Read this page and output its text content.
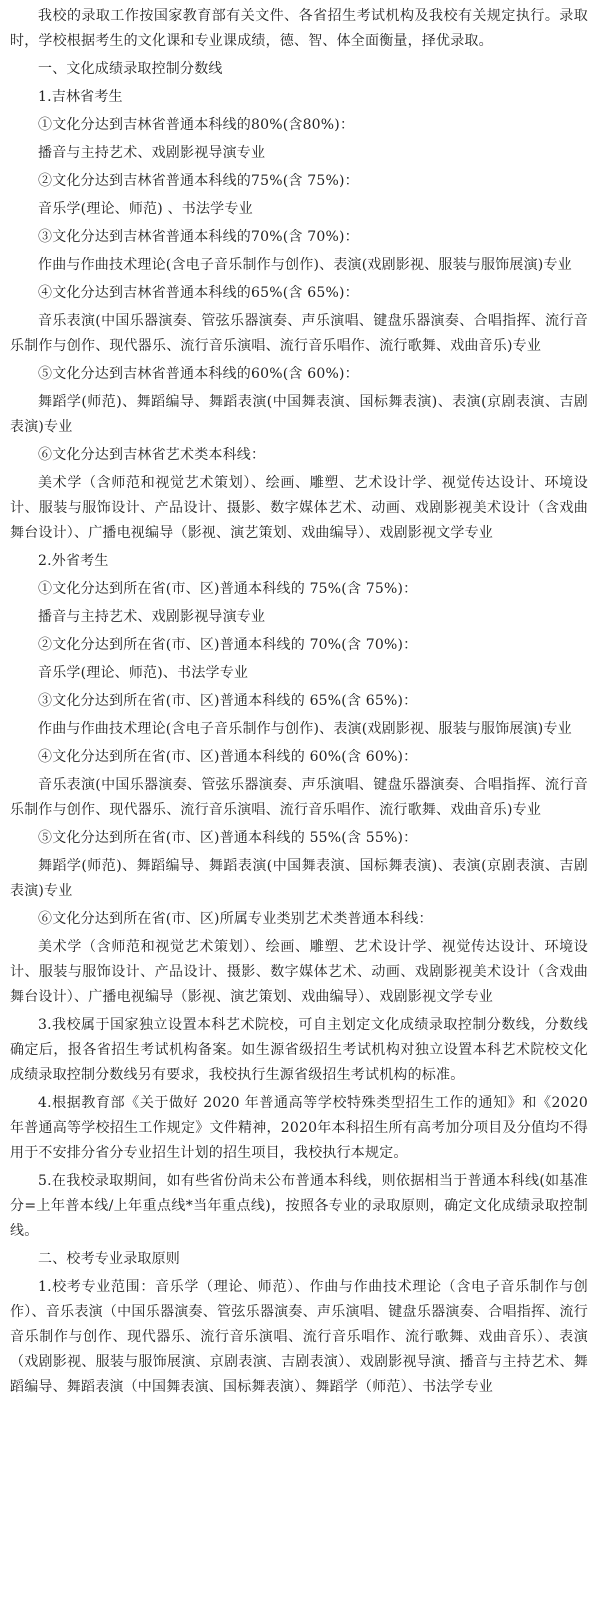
我校的录取工作按国家教育部有关文件、各省招生考试机构及我校有关规定执行。录取时，学校根据考生的文化课和专业课成绩，德、智、体全面衡量，择优录取。

一、文化成绩录取控制分数线

1.吉林省考生

①文化分达到吉林省普通本科线的80%(含80%)：

播音与主持艺术、戏剧影视导演专业

②文化分达到吉林省普通本科线的75%(含 75%)：

音乐学(理论、师范) 、书法学专业

③文化分达到吉林省普通本科线的70%(含 70%)：

作曲与作曲技术理论(含电子音乐制作与创作)、表演(戏剧影视、服装与服饰展演)专业

④文化分达到吉林省普通本科线的65%(含 65%)：

音乐表演(中国乐器演奏、管弦乐器演奏、声乐演唱、键盘乐器演奏、合唱指挥、流行音乐制作与创作、现代器乐、流行音乐演唱、流行音乐唱作、流行歌舞、戏曲音乐)专业

⑤文化分达到吉林省普通本科线的60%(含 60%)：

舞蹈学(师范)、舞蹈编导、舞蹈表演(中国舞表演、国标舞表演)、表演(京剧表演、吉剧表演)专业

⑥文化分达到吉林省艺术类本科线：

美术学（含师范和视觉艺术策划）、绘画、雕塑、艺术设计学、视觉传达设计、环境设计、服装与服饰设计、产品设计、摄影、数字媒体艺术、动画、戏剧影视美术设计（含戏曲舞台设计）、广播电视编导（影视、演艺策划、戏曲编导）、戏剧影视文学专业

2.外省考生

①文化分达到所在省(市、区)普通本科线的 75%(含 75%)：

播音与主持艺术、戏剧影视导演专业

②文化分达到所在省(市、区)普通本科线的 70%(含 70%)：

音乐学(理论、师范)、书法学专业

③文化分达到所在省(市、区)普通本科线的 65%(含 65%)：

作曲与作曲技术理论(含电子音乐制作与创作)、表演(戏剧影视、服装与服饰展演)专业

④文化分达到所在省(市、区)普通本科线的 60%(含 60%)：

音乐表演(中国乐器演奏、管弦乐器演奏、声乐演唱、键盘乐器演奏、合唱指挥、流行音乐制作与创作、现代器乐、流行音乐演唱、流行音乐唱作、流行歌舞、戏曲音乐)专业

⑤文化分达到所在省(市、区)普通本科线的 55%(含 55%)：

舞蹈学(师范)、舞蹈编导、舞蹈表演(中国舞表演、国标舞表演)、表演(京剧表演、吉剧表演)专业

⑥文化分达到所在省(市、区)所属专业类别艺术类普通本科线：

美术学（含师范和视觉艺术策划）、绘画、雕塑、艺术设计学、视觉传达设计、环境设计、服装与服饰设计、产品设计、摄影、数字媒体艺术、动画、戏剧影视美术设计（含戏曲舞台设计）、广播电视编导（影视、演艺策划、戏曲编导）、戏剧影视文学专业

3.我校属于国家独立设置本科艺术院校，可自主划定文化成绩录取控制分数线，分数线确定后，报各省招生考试机构备案。如生源省级招生考试机构对独立设置本科艺术院校文化成绩录取控制分数线另有要求，我校执行生源省级招生考试机构的标准。

4.根据教育部《关于做好 2020 年普通高等学校特殊类型招生工作的通知》和《2020年普通高等学校招生工作规定》文件精神，2020年本科招生所有高考加分项目及分值均不得用于不安排分省分专业招生计划的招生项目，我校执行本规定。

5.在我校录取期间，如有些省份尚未公布普通本科线，则依据相当于普通本科线(如基准分=上年普本线/上年重点线*当年重点线)，按照各专业的录取原则，确定文化成绩录取控制线。

二、校考专业录取原则

1.校考专业范围：音乐学（理论、师范）、作曲与作曲技术理论（含电子音乐制作与创作）、音乐表演（中国乐器演奏、管弦乐器演奏、声乐演唱、键盘乐器演奏、合唱指挥、流行音乐制作与创作、现代器乐、流行音乐演唱、流行音乐唱作、流行歌舞、戏曲音乐）、表演（戏剧影视、服装与服饰展演、京剧表演、吉剧表演）、戏剧影视导演、播音与主持艺术、舞蹈编导、舞蹈表演（中国舞表演、国标舞表演）、舞蹈学（师范）、书法学专业
